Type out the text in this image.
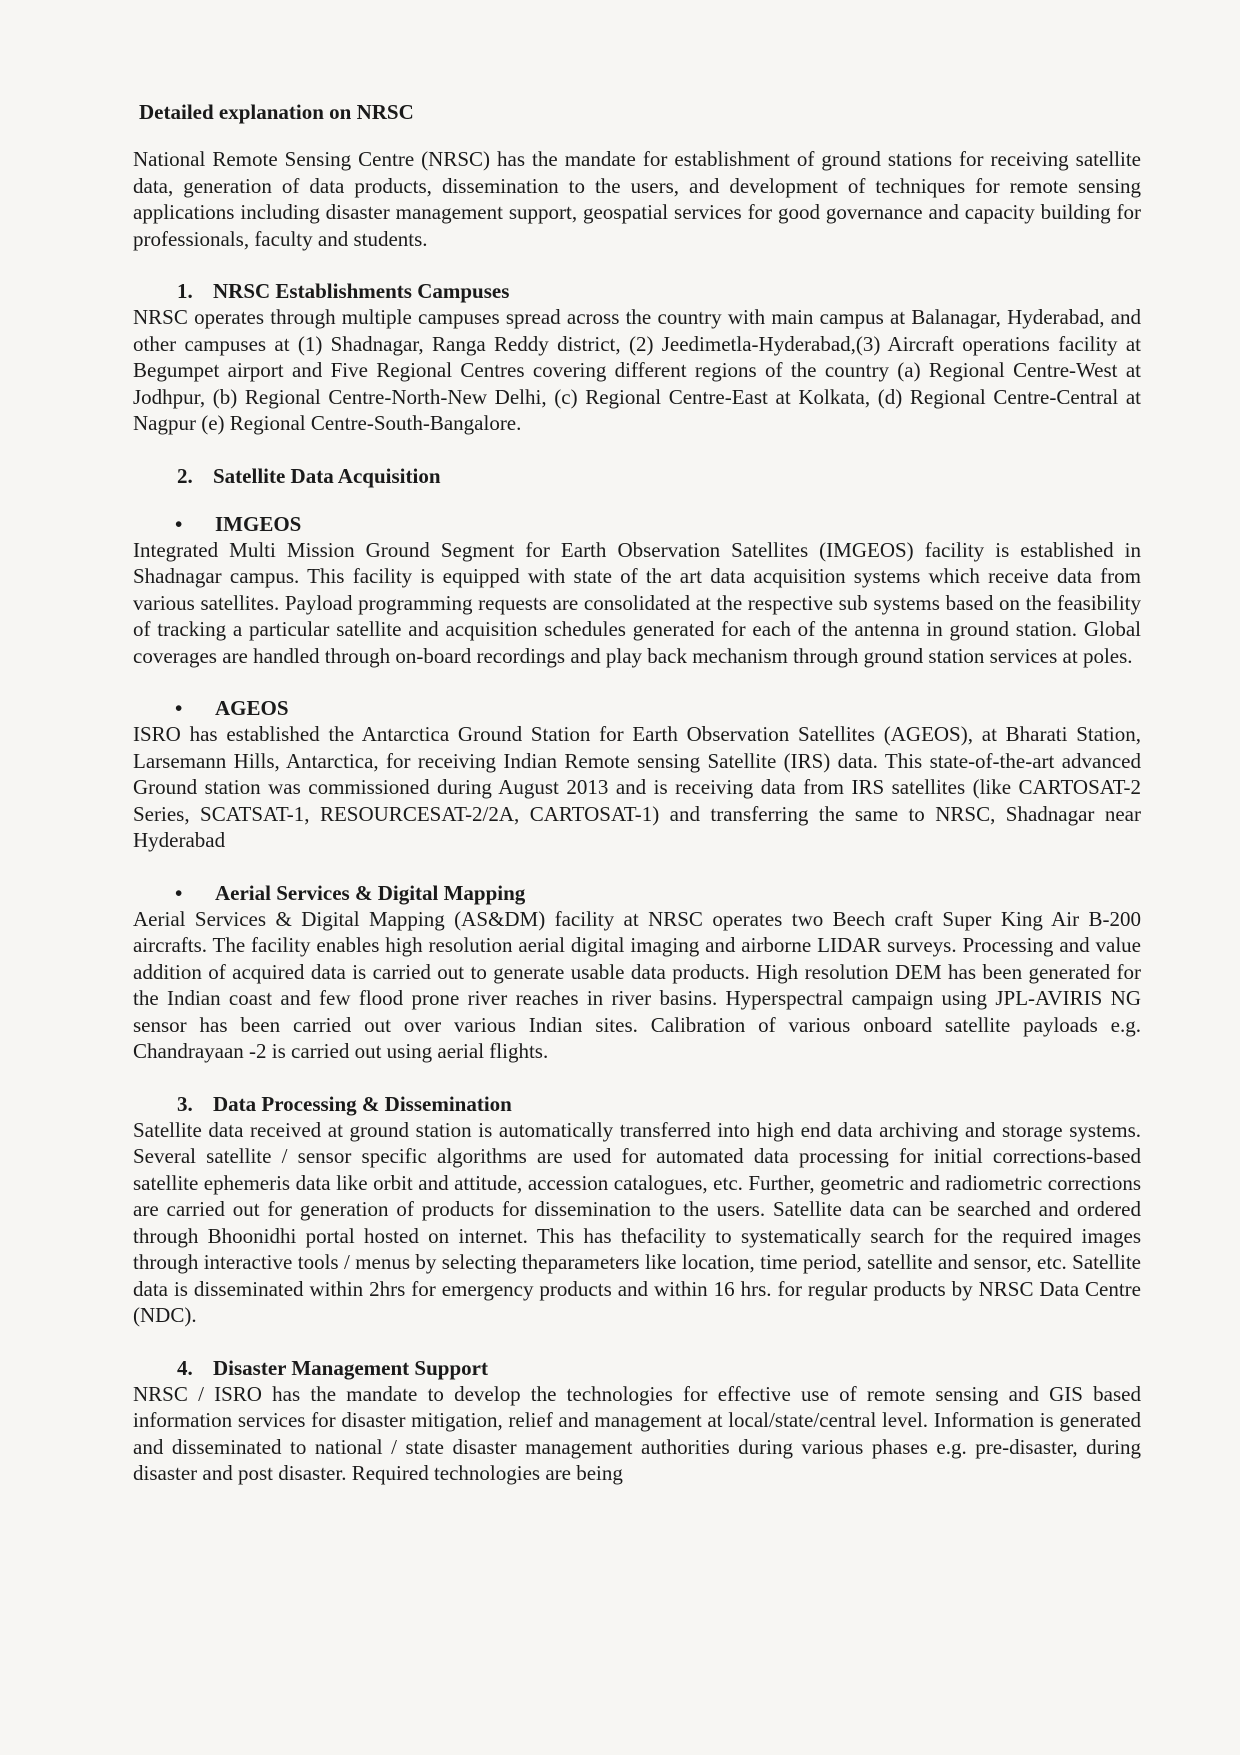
Detailed explanation on NRSC

National Remote Sensing Centre (NRSC) has the mandate for establishment of ground stations for receiving satellite data, generation of data products, dissemination to the users, and development of techniques for remote sensing applications including disaster management support, geospatial services for good governance and capacity building for professionals, faculty and students.

1. NRSC Establishments Campuses

NRSC operates through multiple campuses spread across the country with main campus at Balanagar, Hyderabad, and other campuses at (1) Shadnagar, Ranga Reddy district, (2) Jeedimetla-Hyderabad,(3) Aircraft operations facility at Begumpet airport and Five Regional Centres covering different regions of the country (a) Regional Centre-West at Jodhpur, (b) Regional Centre-North-New Delhi, (c) Regional Centre-East at Kolkata, (d) Regional Centre-Central at Nagpur (e) Regional Centre-South-Bangalore.

2. Satellite Data Acquisition
• IMGEOS

Integrated Multi Mission Ground Segment for Earth Observation Satellites (IMGEOS) facility is established in Shadnagar campus. This facility is equipped with state of the art data acquisition systems which receive data from various satellites. Payload programming requests are consolidated at the respective sub systems based on the feasibility of tracking a particular satellite and acquisition schedules generated for each of the antenna in ground station. Global coverages are handled through on-board recordings and play back mechanism through ground station services at poles.

• AGEOS

ISRO has established the Antarctica Ground Station for Earth Observation Satellites (AGEOS), at Bharati Station, Larsemann Hills, Antarctica, for receiving Indian Remote sensing Satellite (IRS) data. This state-of-the-art advanced Ground station was commissioned during August 2013 and is receiving data from IRS satellites (like CARTOSAT-2 Series, SCATSAT-1, RESOURCESAT-2/2A, CARTOSAT-1) and transferring the same to NRSC, Shadnagar near Hyderabad

• Aerial Services & Digital Mapping

Aerial Services & Digital Mapping (AS&DM) facility at NRSC operates two Beech craft Super King Air B-200 aircrafts. The facility enables high resolution aerial digital imaging and airborne LIDAR surveys. Processing and value addition of acquired data is carried out to generate usable data products. High resolution DEM has been generated for the Indian coast and few flood prone river reaches in river basins. Hyperspectral campaign using JPL-AVIRIS NG sensor has been carried out over various Indian sites. Calibration of various onboard satellite payloads e.g. Chandrayaan -2 is carried out using aerial flights.

3. Data Processing & Dissemination

Satellite data received at ground station is automatically transferred into high end data archiving and storage systems. Several satellite / sensor specific algorithms are used for automated data processing for initial corrections-based satellite ephemeris data like orbit and attitude, accession catalogues, etc. Further, geometric and radiometric corrections are carried out for generation of products for dissemination to the users. Satellite data can be searched and ordered through Bhoonidhi portal hosted on internet. This has thefacility to systematically search for the required images through interactive tools / menus by selecting theparameters like location, time period, satellite and sensor, etc. Satellite data is disseminated within 2hrs for emergency products and within 16 hrs. for regular products by NRSC Data Centre (NDC).

4. Disaster Management Support

NRSC / ISRO has the mandate to develop the technologies for effective use of remote sensing and GIS based information services for disaster mitigation, relief and management at local/state/central level. Information is generated and disseminated to national / state disaster management authorities during various phases e.g. pre-disaster, during disaster and post disaster. Required technologies are being
